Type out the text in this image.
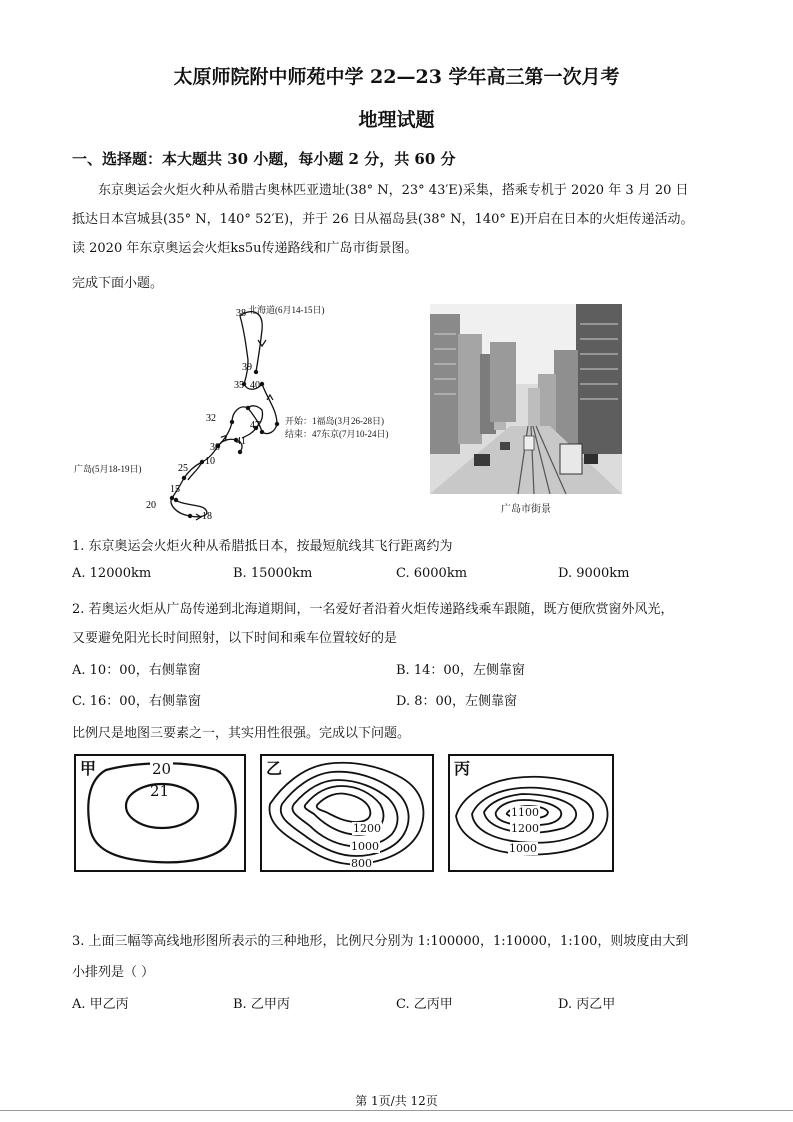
太原师院附中师苑中学 22—23 学年高三第一次月考
地理试题
一、选择题：本大题共 30 小题，每小题 2 分，共 60 分
东京奥运会火炬火种从希腊古奥林匹亚遗址(38° N，23° 43′E)采集，搭乘专机于 2020 年 3 月 20 日
抵达日本宫城县(35° N，140° 52′E)，并于 26 日从福岛县(38° N，140° E)开启在日本的火炬传递活动。
读 2020 年东京奥运会火炬ks5u传递路线和广岛市街景图。
完成下面小题。
38
39
35 40
32
47
41
30
10
25
15
20
18
北海道(6月14-15日)
开始：1福岛(3月26-28日)
结束：47东京(7月10-24日)
广岛(5月18-19日)
广岛市街景
1. 东京奥运会火炬火种从希腊抵日本，按最短航线其飞行距离约为
A. 12000km	B. 15000km	C. 6000km	D. 9000km
2. 若奥运火炬从广岛传递到北海道期间，一名爱好者沿着火炬传递路线乘车跟随，既方便欣赏窗外风光，
又要避免阳光长时间照射，以下时间和乘车位置较好的是
A. 10：00，右侧靠窗	B. 14：00，左侧靠窗
C. 16：00，右侧靠窗	D. 8：00，左侧靠窗
比例尺是地图三要素之一，其实用性很强。完成以下问题。
甲	20
21
乙
1200
1000
800
丙
1100
1200
1000
3. 上面三幅等高线地形图所表示的三种地形，比例尺分别为 1:100000，1:10000，1:100，则坡度由大到
小排列是（ ）
A. 甲乙丙	B. 乙甲丙	C. 乙丙甲	D. 丙乙甲
第 1页/共 12页
